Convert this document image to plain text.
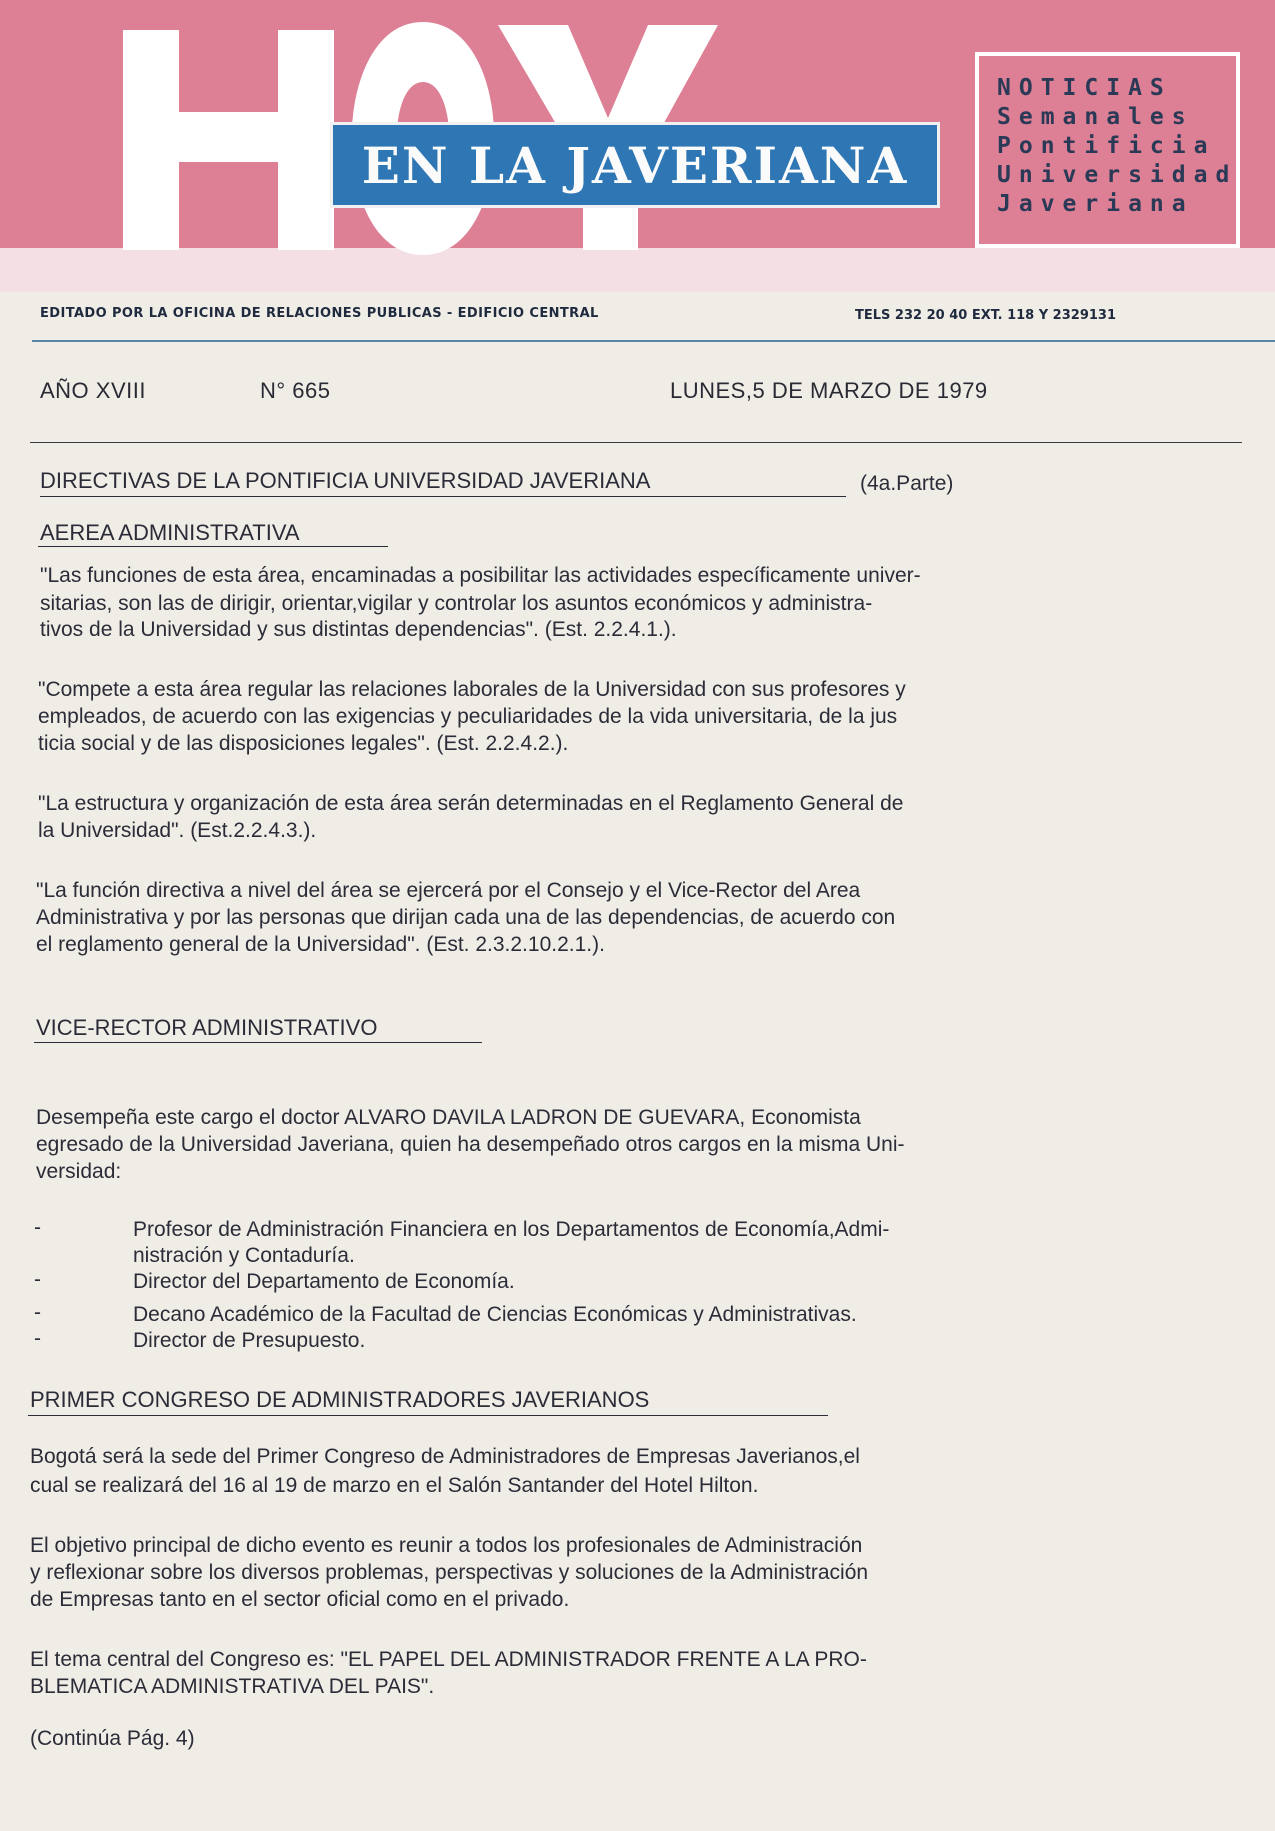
EN LA JAVERIANA
NOTICIAS
Semanales
Pontificia
Universidad
Javeriana
EDITADO POR LA OFICINA DE RELACIONES PUBLICAS - EDIFICIO CENTRAL	TELS 232 20 40 EXT. 118 Y 2329131
AÑO XVIII	N° 665	LUNES,5 DE MARZO DE 1979
DIRECTIVAS DE LA PONTIFICIA UNIVERSIDAD JAVERIANA	(4a.Parte)
AEREA ADMINISTRATIVA
"Las funciones de esta área, encaminadas a posibilitar las actividades específicamente univer-
sitarias, son las de dirigir, orientar,vigilar y controlar los asuntos económicos y administra-
tivos de la Universidad y sus distintas dependencias". (Est. 2.2.4.1.).
"Compete a esta área regular las relaciones laborales de la Universidad con sus profesores y
empleados, de acuerdo con las exigencias y peculiaridades de la vida universitaria, de la jus
ticia social y de las disposiciones legales". (Est. 2.2.4.2.).
"La estructura y organización de esta área serán determinadas en el Reglamento General de
la Universidad". (Est.2.2.4.3.).
"La función directiva a nivel del área se ejercerá por el Consejo y el Vice-Rector del Area
Administrativa y por las personas que dirijan cada una de las dependencias, de acuerdo con
el reglamento general de la Universidad". (Est. 2.3.2.10.2.1.).
VICE-RECTOR ADMINISTRATIVO
Desempeña este cargo el doctor ALVARO DAVILA LADRON DE GUEVARA, Economista
egresado de la Universidad Javeriana, quien ha desempeñado otros cargos en la misma Uni-
versidad:
-	Profesor de Administración Financiera en los Departamentos de Economía,Admi-
nistración y Contaduría.
-	Director del Departamento de Economía.
-	Decano Académico de la Facultad de Ciencias Económicas y Administrativas.
-	Director de Presupuesto.
PRIMER CONGRESO DE ADMINISTRADORES JAVERIANOS
Bogotá será la sede del Primer Congreso de Administradores de Empresas Javerianos,el
cual se realizará del 16 al 19 de marzo en el Salón Santander del Hotel Hilton.
El objetivo principal de dicho evento es reunir a todos los profesionales de Administración
y reflexionar sobre los diversos problemas, perspectivas y soluciones de la Administración
de Empresas tanto en el sector oficial como en el privado.
El tema central del Congreso es: "EL PAPEL DEL ADMINISTRADOR FRENTE A LA PRO-
BLEMATICA ADMINISTRATIVA DEL PAIS".
(Continúa Pág. 4)
